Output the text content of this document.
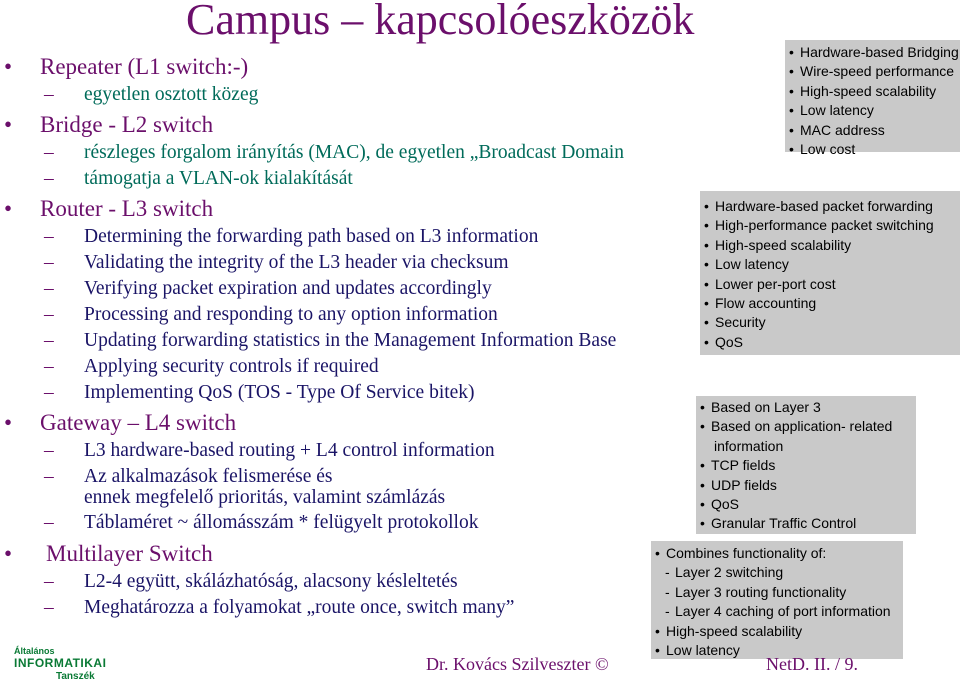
Campus – kapcsolóeszközök
• Repeater (L1 switch:-)
– egyetlen osztott közeg
• Bridge - L2 switch
– részleges forgalom irányítás (MAC), de egyetlen „Broadcast Domain
– támogatja a VLAN-ok kialakítását
• Router - L3 switch
– Determining the forwarding path based on L3 information
– Validating the integrity of the L3 header via checksum
– Verifying packet expiration and updates accordingly
– Processing and responding to any option information
– Updating forwarding statistics in the Management Information Base
– Applying security controls if required
– Implementing QoS (TOS - Type Of Service bitek)
• Gateway – L4 switch
– L3 hardware-based routing + L4 control information
– Az alkalmazások felismerése és
ennek megfelelő prioritás, valamint számlázás
– Táblaméret ~ állomásszám * felügyelt protokollok
• Multilayer Switch
– L2-4 együtt, skálázhatóság, alacsony késleltetés
– Meghatározza a folyamokat „route once, switch many”
• Hardware-based Bridging
• Wire-speed performance
• High-speed scalability
• Low latency
• MAC address
• Low cost
• Hardware-based packet forwarding
• High-performance packet switching
• High-speed scalability
• Low latency
• Lower per-port cost
• Flow accounting
• Security
• QoS
• Based on Layer 3
• Based on application- related
information
• TCP fields
• UDP fields
• QoS
• Granular Traffic Control
• Combines functionality of:
- Layer 2 switching
- Layer 3 routing functionality
- Layer 4 caching of port information
• High-speed scalability
• Low latency
Általános
INFORMATIKAI
Tanszék
Dr. Kovács Szilveszter ©	NetD. II. / 9.
